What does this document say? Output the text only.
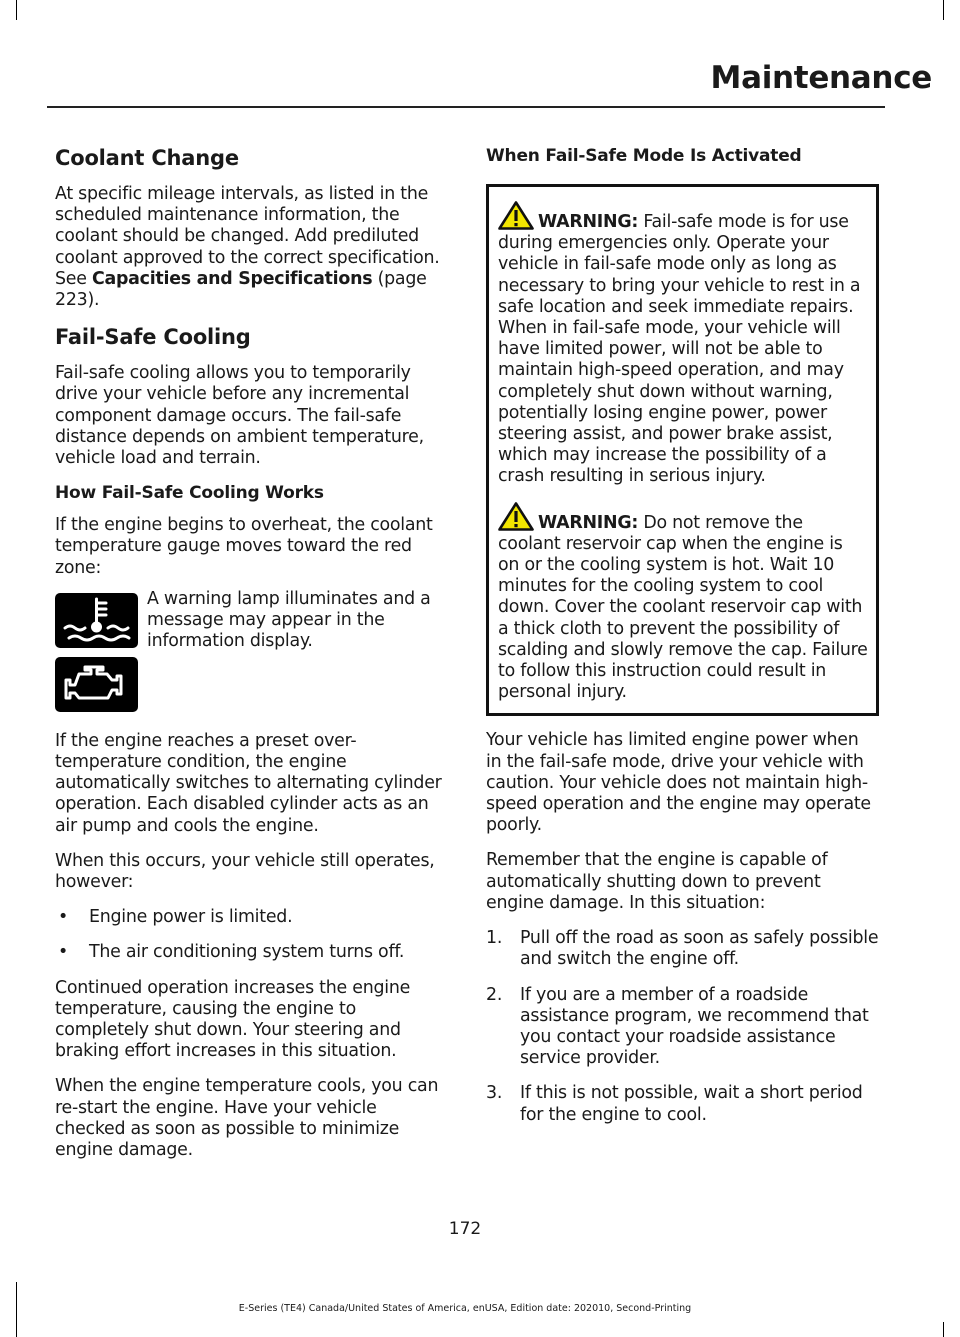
Maintenance
Coolant Change
At specific mileage intervals, as listed in the scheduled maintenance information, the coolant should be changed. Add prediluted coolant approved to the correct specification. See Capacities and Specifications (page 223).
Fail-Safe Cooling
Fail-safe cooling allows you to temporarily drive your vehicle before any incremental component damage occurs. The fail-safe distance depends on ambient temperature, vehicle load and terrain.
How Fail-Safe Cooling Works
If the engine begins to overheat, the coolant temperature gauge moves toward the red zone:
A warning lamp illuminates and a message may appear in the information display.
If the engine reaches a preset over-temperature condition, the engine automatically switches to alternating cylinder operation. Each disabled cylinder acts as an air pump and cools the engine.
When this occurs, your vehicle still operates, however:
• Engine power is limited.
• The air conditioning system turns off.
Continued operation increases the engine temperature, causing the engine to completely shut down. Your steering and braking effort increases in this situation.
When the engine temperature cools, you can re-start the engine. Have your vehicle checked as soon as possible to minimize engine damage.
When Fail-Safe Mode Is Activated
WARNING: Fail-safe mode is for use during emergencies only. Operate your vehicle in fail-safe mode only as long as necessary to bring your vehicle to rest in a safe location and seek immediate repairs. When in fail-safe mode, your vehicle will have limited power, will not be able to maintain high-speed operation, and may completely shut down without warning, potentially losing engine power, power steering assist, and power brake assist, which may increase the possibility of a crash resulting in serious injury.
WARNING: Do not remove the coolant reservoir cap when the engine is on or the cooling system is hot. Wait 10 minutes for the cooling system to cool down. Cover the coolant reservoir cap with a thick cloth to prevent the possibility of scalding and slowly remove the cap. Failure to follow this instruction could result in personal injury.
Your vehicle has limited engine power when in the fail-safe mode, drive your vehicle with caution. Your vehicle does not maintain high-speed operation and the engine may operate poorly.
Remember that the engine is capable of automatically shutting down to prevent engine damage. In this situation:
1. Pull off the road as soon as safely possible and switch the engine off.
2. If you are a member of a roadside assistance program, we recommend that you contact your roadside assistance service provider.
3. If this is not possible, wait a short period for the engine to cool.
172
E-Series (TE4) Canada/United States of America, enUSA, Edition date: 202010, Second-Printing
